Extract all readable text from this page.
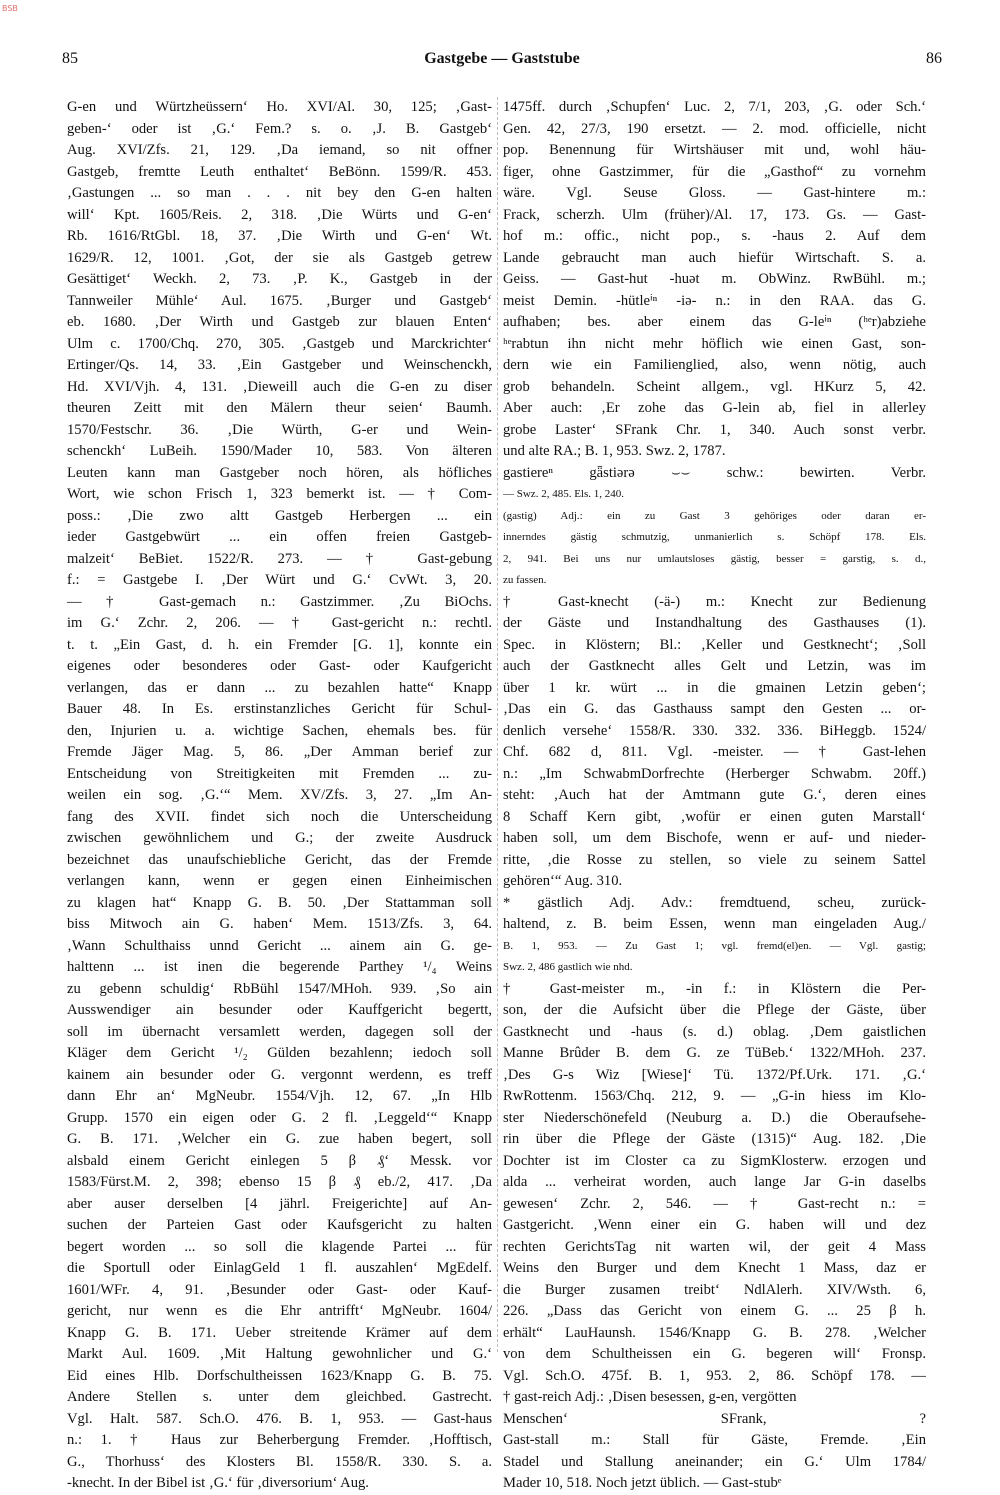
BSB
85	Gastgebe — Gaststube	86
G-en und Würtzheüssern‘ Ho. XVI/Al. 30, 125; ‚Gast-
geben-‘ oder ist ‚G.‘ Fem.? s. o. ‚J. B. Gastgeb‘
Aug. XVI/Zfs. 21, 129. ‚Da iemand, so nit offner
Gastgeb, fremtte Leuth enthaltet‘ BeBönn. 1599/R. 453.
‚Gastungen ... so man . . . nit bey den G-en halten
will‘ Kpt. 1605/Reis. 2, 318. ‚Die Würts und G-en‘
Rb. 1616/RtGbl. 18, 37. ‚Die Wirth und G-en‘ Wt.
1629/R. 12, 1001. ‚Got, der sie als Gastgeb getrew
Gesättiget‘ Weckh. 2, 73. ‚P. K., Gastgeb in der
Tannweiler Mühle‘ Aul. 1675. ‚Burger und Gastgeb‘
eb. 1680. ‚Der Wirth und Gastgeb zur blauen Enten‘
Ulm c. 1700/Chq. 270, 305. ‚Gastgeb und Marckrichter‘
Ertinger/Qs. 14, 33. ‚Ein Gastgeber und Weinschenckh,
Hd. XVI/Vjh. 4, 131. ‚Dieweill auch die G-en zu diser
theuren Zeitt mit den Mälern theur seien‘ Baumh.
1570/Festschr. 36. ‚Die Würth, G-er und Wein-
schenckh‘ LuBeih. 1590/Mader 10, 583. Von älteren
Leuten kann man Gastgeber noch hören, als höfliches
Wort, wie schon Frisch 1, 323 bemerkt ist. — † Com-
poss.: ‚Die zwo altt Gastgeb Herbergen ... ein
ieder Gastgebwürt ... ein offen freien Gastgeb-
malzeit‘ BeBiet. 1522/R. 273. — † Gast-gebung
f.: = Gastgebe I. ‚Der Würt und G.‘ CvWt. 3, 20.
— † Gast-gemach n.: Gastzimmer. ‚Zu BiOchs.
im G.‘ Zchr. 2, 206. — † Gast-gericht n.: rechtl.
t. t. „Ein Gast, d. h. ein Fremder [G. 1], konnte ein
eigenes oder besonderes oder Gast- oder Kaufgericht
verlangen, das er dann ... zu bezahlen hatte“ Knapp
Bauer 48. In Es. erstinstanzliches Gericht für Schul-
den, Injurien u. a. wichtige Sachen, ehemals bes. für
Fremde Jäger Mag. 5, 86. „Der Amman berief zur
Entscheidung von Streitigkeiten mit Fremden ... zu-
weilen ein sog. ‚G.‘“ Mem. XV/Zfs. 3, 27. „Im An-
fang des XVII. findet sich noch die Unterscheidung
zwischen gewöhnlichem und G.; der zweite Ausdruck
bezeichnet das unaufschiebliche Gericht, das der Fremde
verlangen kann, wenn er gegen einen Einheimischen
zu klagen hat“ Knapp G. B. 50. ‚Der Stattamman soll
biss Mitwoch ain G. haben‘ Mem. 1513/Zfs. 3, 64.
‚Wann Schulthaiss unnd Gericht ... ainem ain G. ge-
halttenn ... ist inen die begerende Parthey ¹/₄ Weins
zu gebenn schuldig‘ RbBühl 1547/MHoh. 939. ‚So ain
Ausswendiger ain besunder oder Kauffgericht begertt,
soll im übernacht versamlett werden, dagegen soll der
Kläger dem Gericht ¹/₂ Gülden bezahlenn; iedoch soll
kainem ain besunder oder G. vergonnt werdenn, es treff
dann Ehr an‘ MgNeubr. 1554/Vjh. 12, 67. „In Hlb
Grupp. 1570 ein eigen oder G. 2 fl. ‚Leggeld‘“ Knapp
G. B. 171. ‚Welcher ein G. zue haben begert, soll
alsbald einem Gericht einlegen 5 β ₰‘ Messk. vor
1583/Fürst.M. 2, 398; ebenso 15 β ₰ eb./2, 417. ‚Da
aber auser derselben [4 jährl. Freigerichte] auf An-
suchen der Parteien Gast oder Kaufsgericht zu halten
begert worden ... so soll die klagende Partei ... für
die Sportull oder EinlagGeld 1 fl. auszahlen‘ MgEdelf.
1601/WFr. 4, 91. ‚Besunder oder Gast- oder Kauf-
gericht, nur wenn es die Ehr antrifft‘ MgNeubr. 1604/
Knapp G. B. 171. Ueber streitende Krämer auf dem
Markt Aul. 1609. ‚Mit Haltung gewohnlicher und G.‘
Eid eines Hlb. Dorfschultheissen 1623/Knapp G. B. 75.
Andere Stellen s. unter dem gleichbed. Gastrecht.
Vgl. Halt. 587. Sch.O. 476. B. 1, 953. — Gast-haus
n.: 1. † Haus zur Beherbergung Fremder. ‚Hofftisch,
G., Thorhuss‘ des Klosters Bl. 1558/R. 330. S. a.
-knecht. In der Bibel ist ‚G.‘ für ‚diversorium‘ Aug.
1475ff. durch ‚Schupfen‘ Luc. 2, 7/1, 203, ‚G. oder Sch.‘
Gen. 42, 27/3, 190 ersetzt. — 2. mod. officielle, nicht
pop. Benennung für Wirtshäuser mit und, wohl häu-
figer, ohne Gastzimmer, für die „Gasthof“ zu vornehm
wäre. Vgl. Seuse Gloss. — Gast-hintere m.:
Frack, scherzh. Ulm (früher)/Al. 17, 173. Gs. — Gast-
hof m.: offic., nicht pop., s. -haus 2. Auf dem
Lande gebraucht man auch hiefür Wirtschaft. S. a.
Geiss. — Gast-hut -huət m. ObWinz. RwBühl. m.;
meist Demin. -hütleⁱⁿ -iə- n.: in den RAA. das G.
aufhaben; bes. aber einem das G-leⁱⁿ (ʰᵉr)abziehe
ʰᵉrabtun ihn nicht mehr höflich wie einen Gast, son-
dern wie ein Familienglied, also, wenn nötig, auch
grob behandeln. Scheint allgem., vgl. HKurz 5, 42.
Aber auch: ‚Er zohe das G-lein ab, fiel in allerley
grobe Laster‘ SFrank Chr. 1, 340. Auch sonst verbr.
und alte RA.; B. 1, 953. Swz. 2, 1787.
gastiereⁿ gǟstiərə ⌣⌣ schw.: bewirten. Verbr.
— Swz. 2, 485. Els. 1, 240.
(gastig) Adj.: ein zu Gast 3 gehöriges oder daran er-
innerndes gästig schmutzig, unmanierlich s. Schöpf 178. Els.
2, 941. Bei uns nur umlautsloses gästig, besser = garstig, s. d.,
zu fassen.
† Gast-knecht (-ä-) m.: Knecht zur Bedienung
der Gäste und Instandhaltung des Gasthauses (1).
Spec. in Klöstern; Bl.: ‚Keller und Gestknecht‘; ‚Soll
auch der Gastknecht alles Gelt und Letzin, was im
über 1 kr. würt ... in die gmainen Letzin geben‘;
‚Das ein G. das Gasthauss sampt den Gesten ... or-
denlich versehe‘ 1558/R. 330. 332. 336. BiHeggb. 1524/
Chf. 682 d, 811. Vgl. -meister. — † Gast-lehen
n.: „Im SchwabmDorfrechte (Herberger Schwabm. 20ff.)
steht: ‚Auch hat der Amtmann gute G.‘, deren eines
8 Schaff Kern gibt, ‚wofür er einen guten Marstall‘
haben soll, um dem Bischofe, wenn er auf- und nieder-
ritte, ‚die Rosse zu stellen, so viele zu seinem Sattel
gehören‘“ Aug. 310.
* gästlich Adj. Adv.: fremdtuend, scheu, zurück-
haltend, z. B. beim Essen, wenn man eingeladen Aug./
B. 1, 953. — Zu Gast 1; vgl. fremd(el)en. — Vgl. gastig;
Swz. 2, 486 gastlich wie nhd.
† Gast-meister m., -in f.: in Klöstern die Per-
son, der die Aufsicht über die Pflege der Gäste, über
Gastknecht und -haus (s. d.) oblag. ‚Dem gaistlichen
Manne Brûder B. dem G. ze TüBeb.‘ 1322/MHoh. 237.
‚Des G-s Wiz [Wiese]‘ Tü. 1372/Pf.Urk. 171. ‚G.‘
RwRottenm. 1563/Chq. 212, 9. — „G-in hiess im Klo-
ster Niederschönefeld (Neuburg a. D.) die Oberaufsehe-
rin über die Pflege der Gäste (1315)“ Aug. 182. ‚Die
Dochter ist im Closter ca zu SigmKlosterw. erzogen und
alda ... verheirat worden, auch lange Jar G-in daselbs
gewesen‘ Zchr. 2, 546. — † Gast-recht n.: =
Gastgericht. ‚Wenn einer ein G. haben will und dez
rechten GerichtsTag nit warten wil, der geit 4 Mass
Weins den Burger und dem Knecht 1 Mass, daz er
die Burger zusamen treibt‘ NdlAlerh. XIV/Wsth. 6,
226. „Dass das Gericht von einem G. ... 25 β h.
erhält“ LauHaunsh. 1546/Knapp G. B. 278. ‚Welcher
von dem Schultheissen ein G. begeren will‘ Fronsp.
Vgl. Sch.O. 475f. B. 1, 953. 2, 86. Schöpf 178. —
† gast-reich Adj.: ‚Disen besessen, g-en, vergötten
Menschen‘ SFrank, ?
Gast-stall m.: Stall für Gäste, Fremde. ‚Ein
Stadel und Stallung aneinander; ein G.‘ Ulm 1784/
Mader 10, 518. Noch jetzt üblich. — Gast-stubᵉ
